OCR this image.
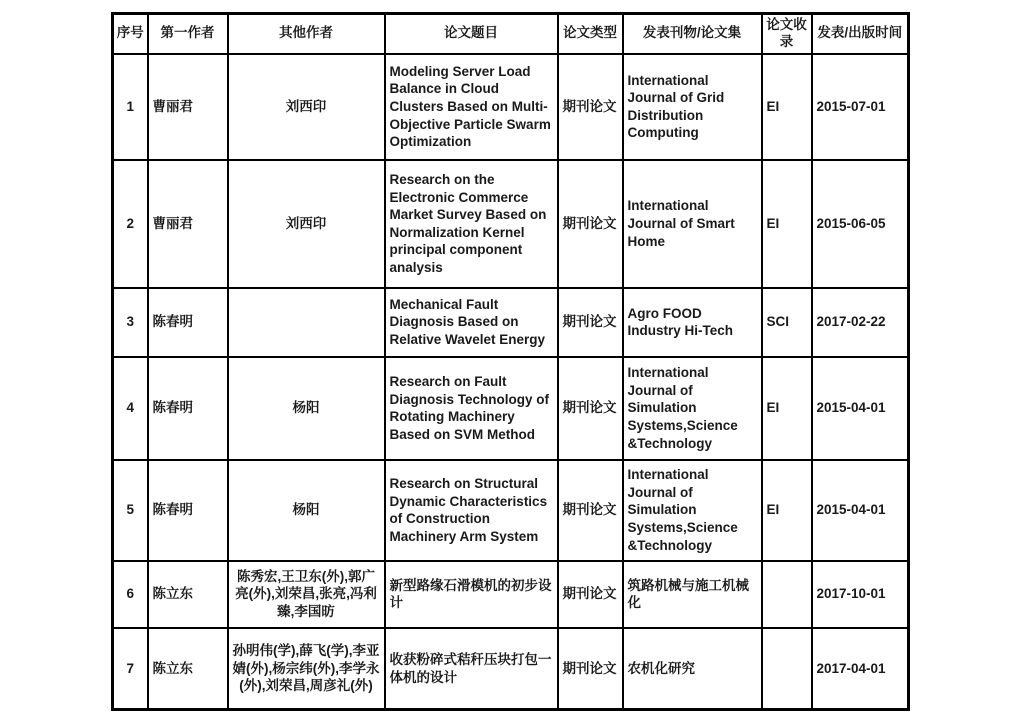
序号	第一作者	其他作者	论文题目	论文类型	发表刊物/论文集	论文收录	发表/出版时间
1	曹丽君	刘西印	Modeling Server Load Balance in Cloud Clusters Based on Multi-Objective Particle Swarm Optimization	期刊论文	International Journal of Grid Distribution Computing	EI	2015-07-01
2	曹丽君	刘西印	Research on the Electronic Commerce Market Survey Based on Normalization Kernel principal component analysis	期刊论文	International Journal of Smart Home	EI	2015-06-05
3	陈春明		Mechanical Fault Diagnosis Based on Relative Wavelet Energy	期刊论文	Agro FOOD Industry Hi-Tech	SCI	2017-02-22
4	陈春明	杨阳	Research on Fault Diagnosis Technology of Rotating Machinery Based on SVM Method	期刊论文	International Journal of Simulation Systems,Science &Technology	EI	2015-04-01
5	陈春明	杨阳	Research on Structural Dynamic Characteristics of Construction Machinery Arm System	期刊论文	International Journal of Simulation Systems,Science &Technology	EI	2015-04-01
6	陈立东	陈秀宏,王卫东(外),郭广亮(外),刘荣昌,张亮,冯利臻,李国昉	新型路缘石滑模机的初步设计	期刊论文	筑路机械与施工机械化		2017-10-01
7	陈立东	孙明伟(学),薛飞(学),李亚婧(外),杨宗纬(外),李学永(外),刘荣昌,周彦礼(外)	收获粉碎式秸秆压块打包一体机的设计	期刊论文	农机化研究		2017-04-01
